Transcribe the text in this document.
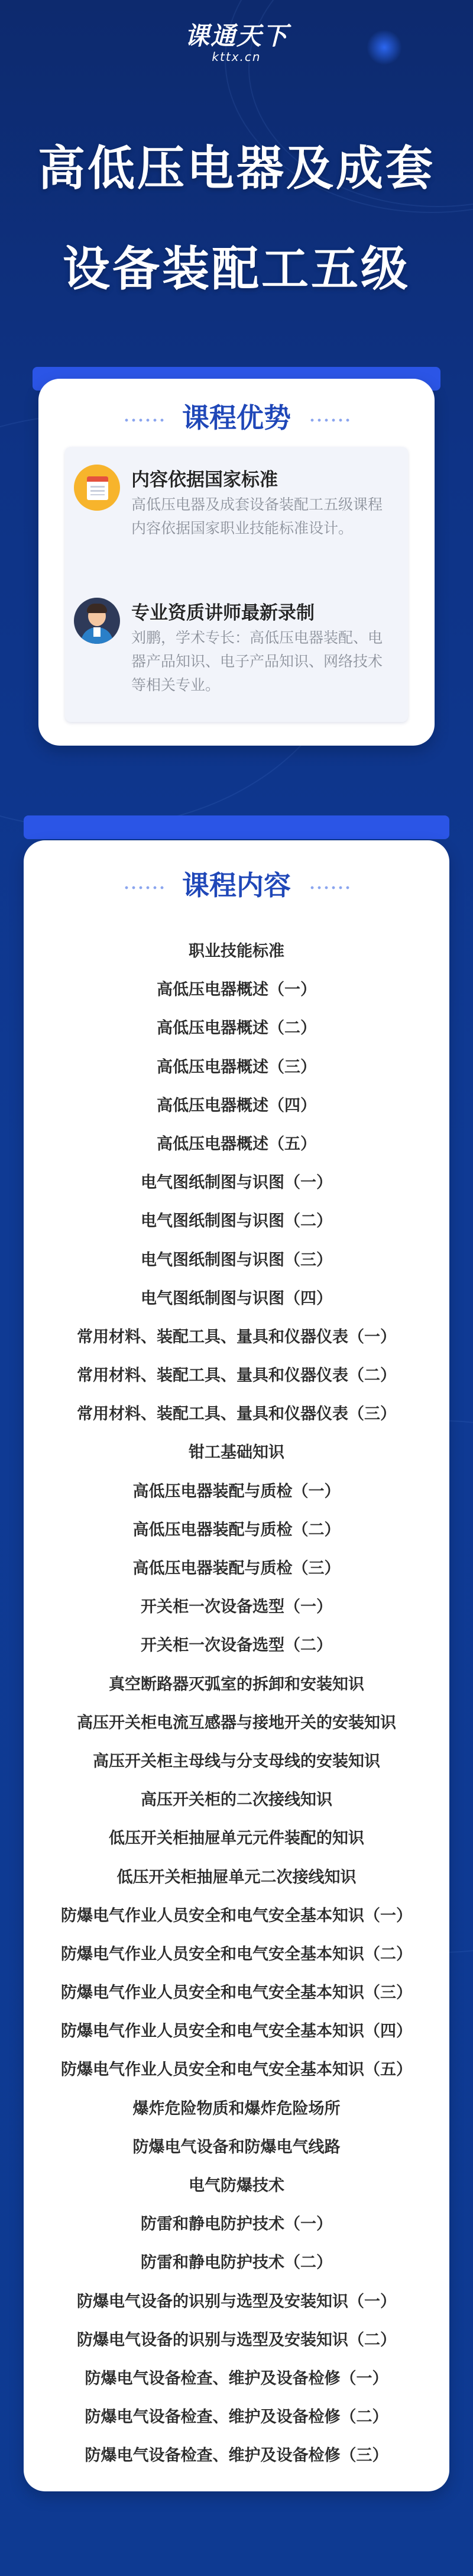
课通天下
kttx.cn
高低压电器及成套
设备装配工五级
课程优势
内容依据国家标准
高低压电器及成套设备装配工五级课程内容依据国家职业技能标准设计。
专业资质讲师最新录制
刘鹏，学术专长：高低压电器装配、电器产品知识、电子产品知识、网络技术等相关专业。
课程内容
职业技能标准
高低压电器概述（一）
高低压电器概述（二）
高低压电器概述（三）
高低压电器概述（四）
高低压电器概述（五）
电气图纸制图与识图（一）
电气图纸制图与识图（二）
电气图纸制图与识图（三）
电气图纸制图与识图（四）
常用材料、装配工具、量具和仪器仪表（一）
常用材料、装配工具、量具和仪器仪表（二）
常用材料、装配工具、量具和仪器仪表（三）
钳工基础知识
高低压电器装配与质检（一）
高低压电器装配与质检（二）
高低压电器装配与质检（三）
开关柜一次设备选型（一）
开关柜一次设备选型（二）
真空断路器灭弧室的拆卸和安装知识
高压开关柜电流互感器与接地开关的安装知识
高压开关柜主母线与分支母线的安装知识
高压开关柜的二次接线知识
低压开关柜抽屉单元元件装配的知识
低压开关柜抽屉单元二次接线知识
防爆电气作业人员安全和电气安全基本知识（一）
防爆电气作业人员安全和电气安全基本知识（二）
防爆电气作业人员安全和电气安全基本知识（三）
防爆电气作业人员安全和电气安全基本知识（四）
防爆电气作业人员安全和电气安全基本知识（五）
爆炸危险物质和爆炸危险场所
防爆电气设备和防爆电气线路
电气防爆技术
防雷和静电防护技术（一）
防雷和静电防护技术（二）
防爆电气设备的识别与选型及安装知识（一）
防爆电气设备的识别与选型及安装知识（二）
防爆电气设备检查、维护及设备检修（一）
防爆电气设备检查、维护及设备检修（二）
防爆电气设备检查、维护及设备检修（三）
